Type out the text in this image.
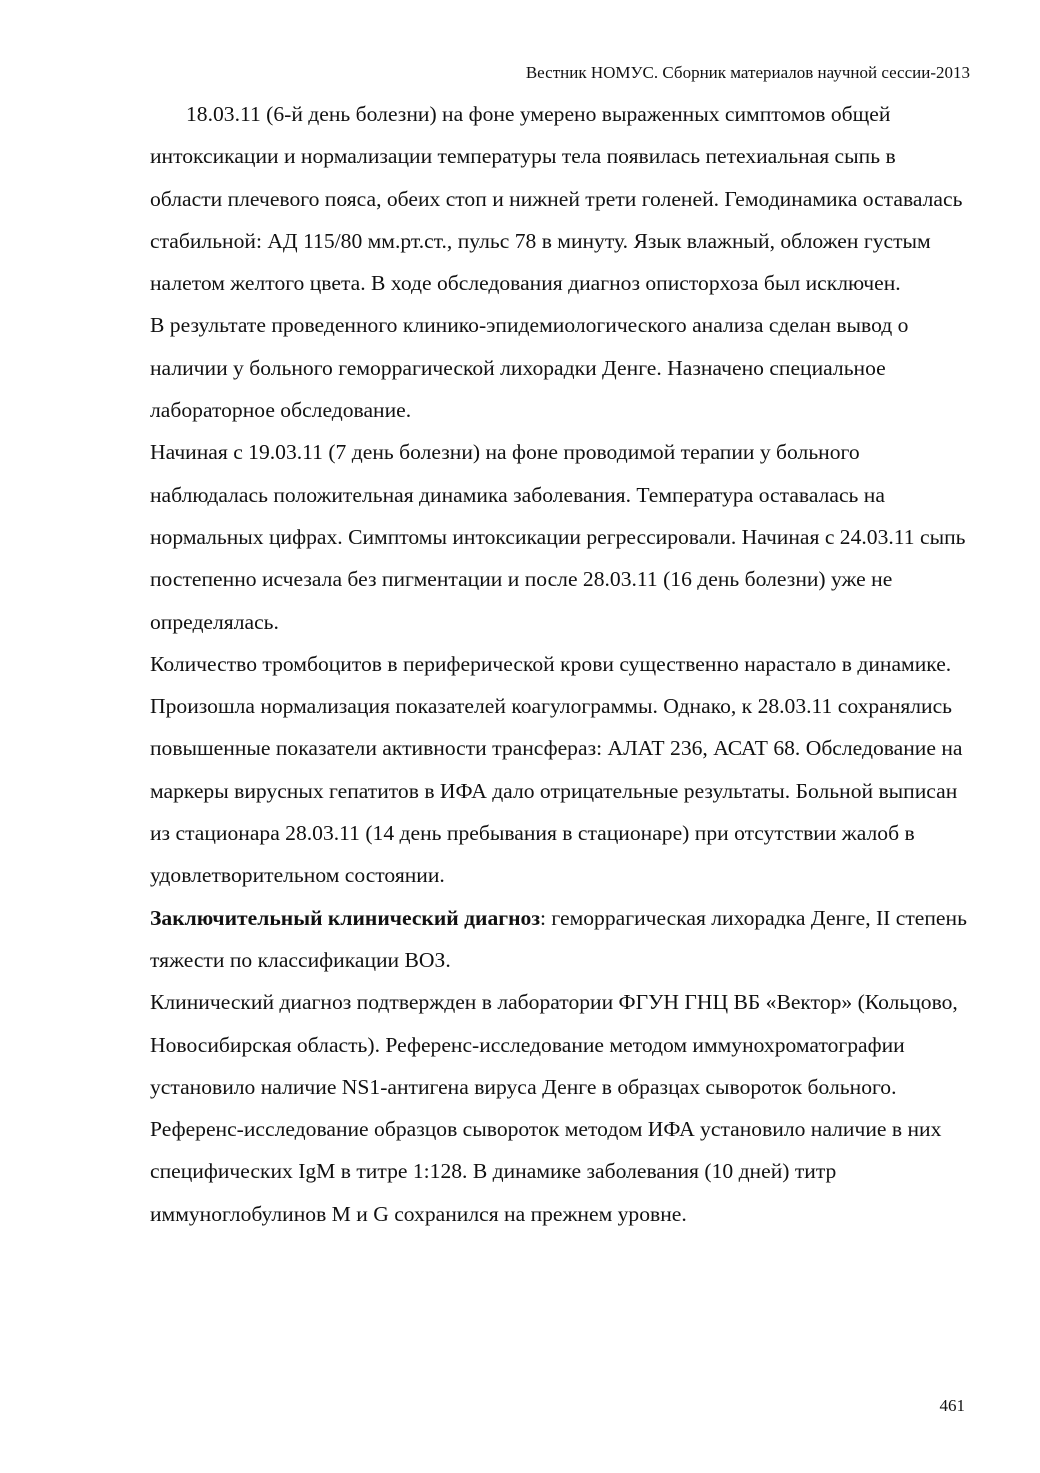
Вестник НОМУС. Сборник материалов научной сессии-2013

18.03.11 (6-й день болезни) на фоне умерено выраженных симптомов общей интоксикации и нормализации температуры тела появилась петехиальная сыпь в области плечевого пояса, обеих стоп и нижней трети голеней. Гемодинамика оставалась стабильной: АД 115/80 мм.рт.ст., пульс 78 в минуту. Язык влажный, обложен густым налетом желтого цвета. В ходе обследования диагноз описторхоза был исключен.

В результате проведенного клинико-эпидемиологического анализа сделан вывод о наличии у больного геморрагической лихорадки Денге. Назначено специальное лабораторное обследование.

Начиная с 19.03.11 (7 день болезни) на фоне проводимой терапии у больного наблюдалась положительная динамика заболевания. Температура оставалась на нормальных цифрах. Симптомы интоксикации регрессировали. Начиная с 24.03.11 сыпь постепенно исчезала без пигментации и после 28.03.11 (16 день болезни) уже не определялась.

Количество тромбоцитов в периферической крови существенно нарастало в динамике. Произошла нормализация показателей коагулограммы. Однако, к 28.03.11 сохранялись повышенные показатели активности трансфераз: АЛАТ 236, АСАТ 68. Обследование на маркеры вирусных гепатитов в ИФА дало отрицательные результаты. Больной выписан из стационара 28.03.11 (14 день пребывания в стационаре) при отсутствии жалоб в удовлетворительном состоянии.

Заключительный клинический диагноз: геморрагическая лихорадка Денге, II степень тяжести по классификации ВОЗ.

Клинический диагноз подтвержден в лаборатории ФГУН ГНЦ ВБ «Вектор» (Кольцово, Новосибирская область). Референс-исследование методом иммунохроматографии установило наличие NS1-антигена вируса Денге в образцах сывороток больного. Референс-исследование образцов сывороток методом ИФА установило наличие в них специфических IgM в титре 1:128. В динамике заболевания (10 дней) титр иммуноглобулинов М и G сохранился на прежнем уровне.

461
